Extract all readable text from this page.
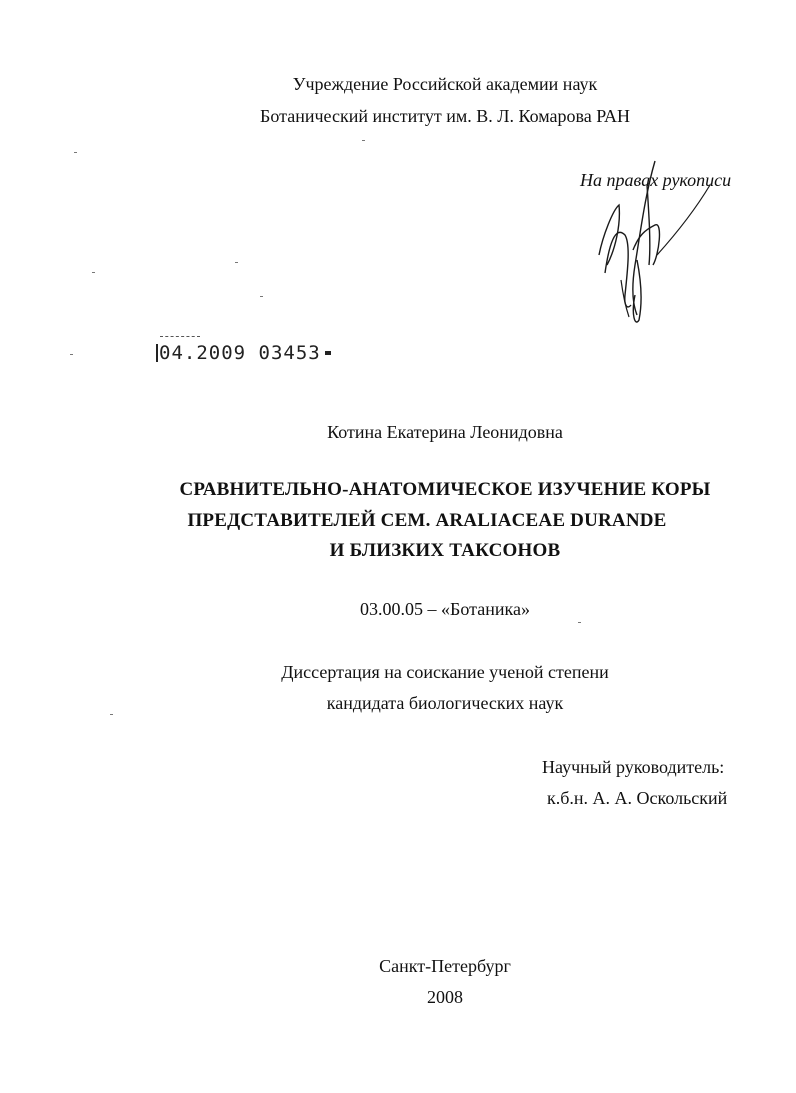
Учреждение Российской академии наук
Ботанический институт им. В. Л. Комарова РАН
На правах рукописи
04.2009 03453
Котина Екатерина Леонидовна
СРАВНИТЕЛЬНО-АНАТОМИЧЕСКОЕ ИЗУЧЕНИЕ КОРЫ
ПРЕДСТАВИТЕЛЕЙ СЕМ. ARALIACEAE DURANDE
И БЛИЗКИХ ТАКСОНОВ
03.00.05 – «Ботаника»
Диссертация на соискание ученой степени
кандидата биологических наук
Научный руководитель:
к.б.н. А. А. Оскольский
Санкт-Петербург
2008
